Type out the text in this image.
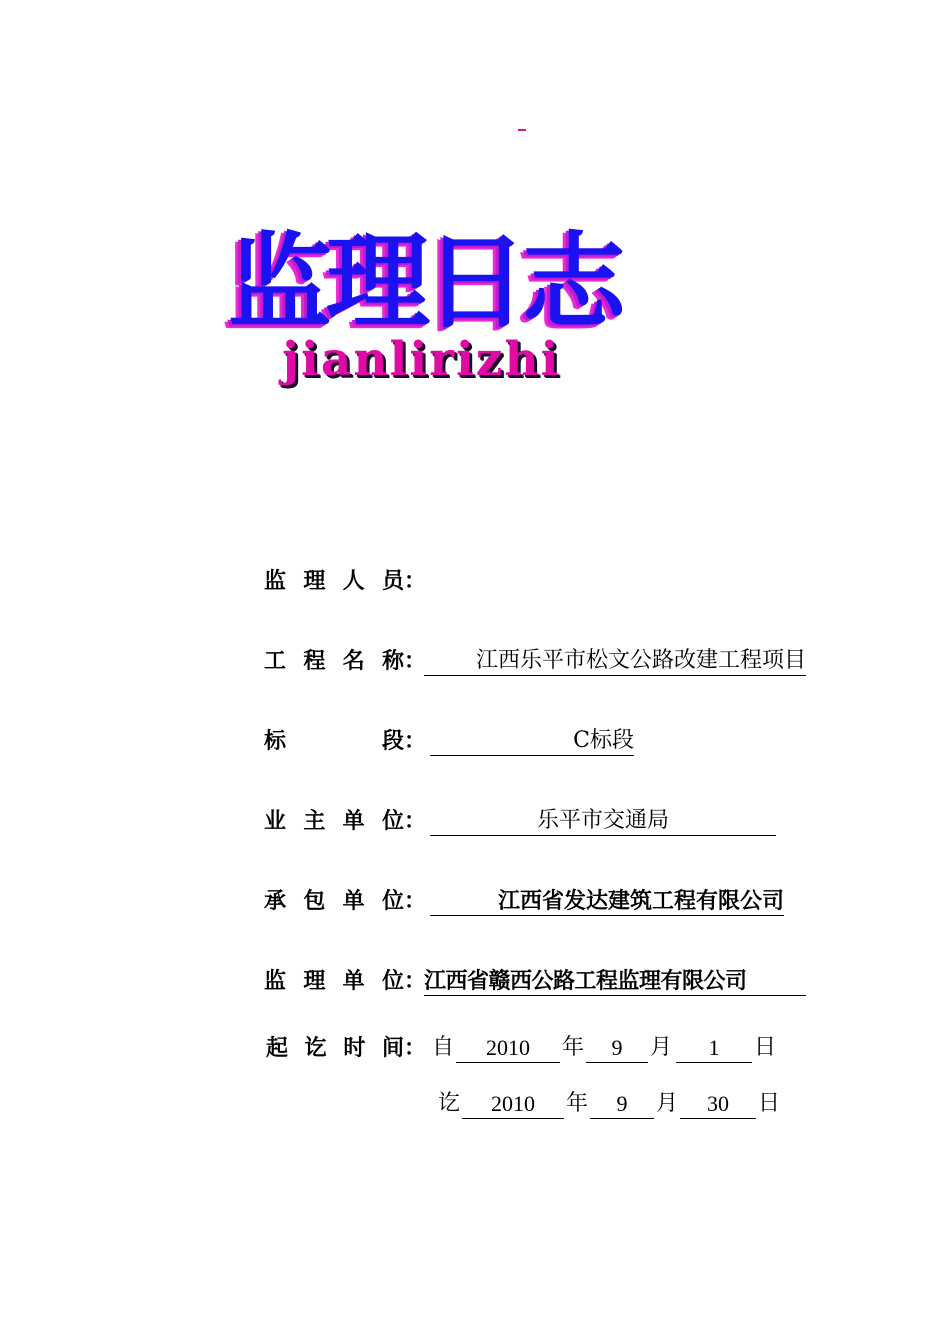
监理日志
jianlirizhi
监 理 人 员 ：
工 程 名 称 ：	江西乐平市松文公路改建工程项目
标	段 ：	C标段
业 主 单 位 ：	乐平市交通局
承 包 单 位 ：	江西省发达建筑工程有限公司
监 理 单 位 ：
江西省赣西公路工程监理有限公司
起 讫 时 间 ： 自	2010	年	9	月	1	日
讫	2010	年	9	月	30	日
